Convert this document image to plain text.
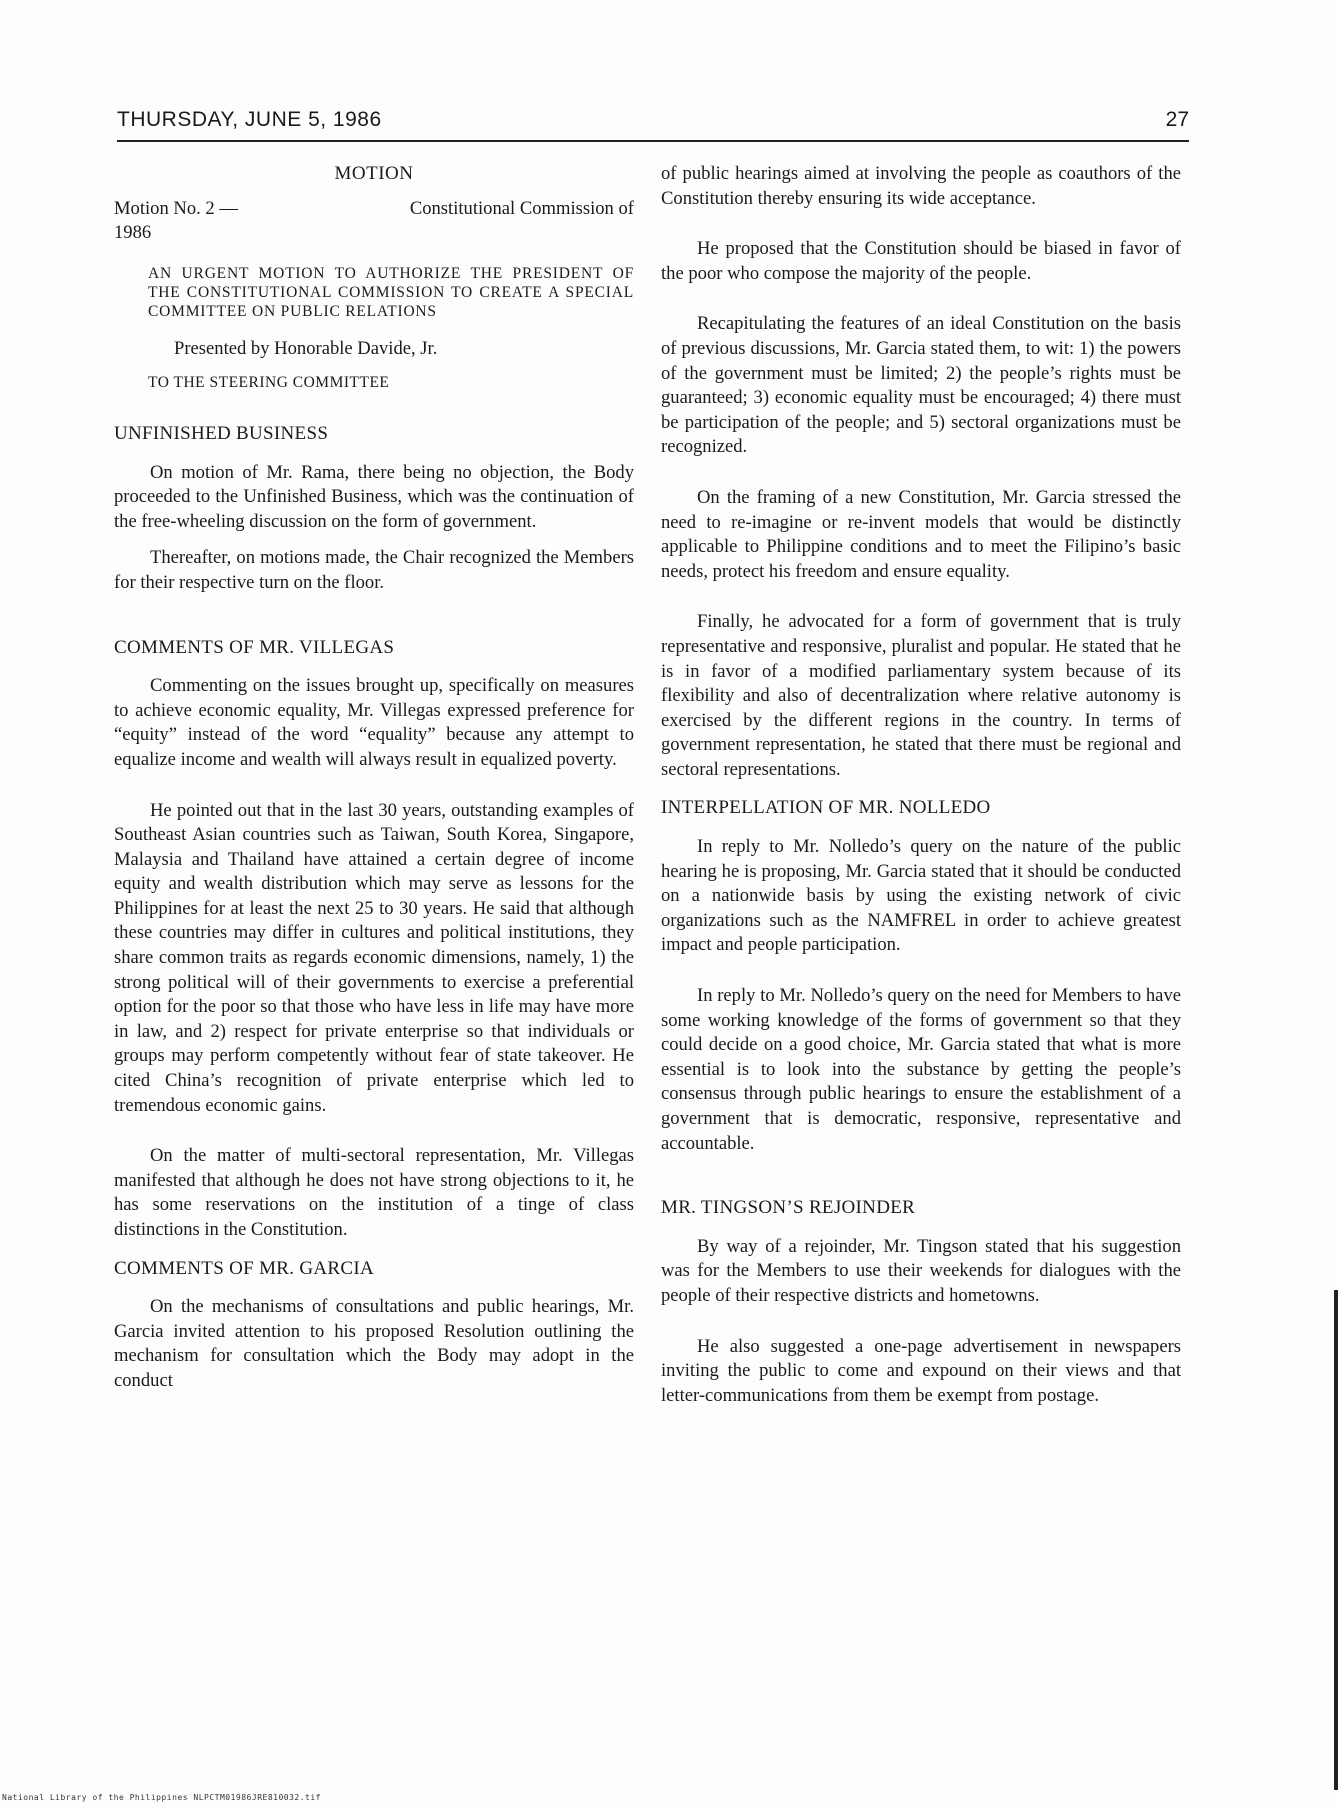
THURSDAY, JUNE 5, 1986	27
MOTION
Motion No. 2 —	Constitutional Commission of
1986
AN URGENT MOTION TO AUTHORIZE THE PRESIDENT OF THE CONSTITUTIONAL COMMISSION TO CREATE A SPECIAL COMMITTEE ON PUBLIC RELATIONS
Presented by Honorable Davide, Jr.
TO THE STEERING COMMITTEE
UNFINISHED BUSINESS

On motion of Mr. Rama, there being no objection, the Body proceeded to the Unfinished Business, which was the continuation of the free-wheeling discussion on the form of government.

Thereafter, on motions made, the Chair recognized the Members for their respective turn on the floor.

COMMENTS OF MR. VILLEGAS

Commenting on the issues brought up, specifically on measures to achieve economic equality, Mr. Villegas expressed preference for “equity” instead of the word “equality” because any attempt to equalize income and wealth will always result in equalized poverty.

He pointed out that in the last 30 years, outstanding examples of Southeast Asian countries such as Taiwan, South Korea, Singapore, Malaysia and Thailand have attained a certain degree of income equity and wealth distribution which may serve as lessons for the Philippines for at least the next 25 to 30 years. He said that although these countries may differ in cultures and political institutions, they share common traits as regards economic dimensions, namely, 1) the strong political will of their governments to exercise a preferential option for the poor so that those who have less in life may have more in law, and 2) respect for private enterprise so that individuals or groups may perform competently without fear of state takeover. He cited China’s recognition of private enterprise which led to tremendous economic gains.

On the matter of multi-sectoral representation, Mr. Villegas manifested that although he does not have strong objections to it, he has some reservations on the institution of a tinge of class distinctions in the Constitution.

COMMENTS OF MR. GARCIA

On the mechanisms of consultations and public hearings, Mr. Garcia invited attention to his proposed Resolution outlining the mechanism for consultation which the Body may adopt in the conduct

of public hearings aimed at involving the people as coauthors of the Constitution thereby ensuring its wide acceptance.

He proposed that the Constitution should be biased in favor of the poor who compose the majority of the people.

Recapitulating the features of an ideal Constitution on the basis of previous discussions, Mr. Garcia stated them, to wit: 1) the powers of the government must be limited; 2) the people’s rights must be guaranteed; 3) economic equality must be encouraged; 4) there must be participation of the people; and 5) sectoral organizations must be recognized.

On the framing of a new Constitution, Mr. Garcia stressed the need to re-imagine or re-invent models that would be distinctly applicable to Philippine conditions and to meet the Filipino’s basic needs, protect his freedom and ensure equality.

Finally, he advocated for a form of government that is truly representative and responsive, pluralist and popular. He stated that he is in favor of a modified parliamentary system because of its flexibility and also of decentralization where relative autonomy is exercised by the different regions in the country. In terms of government representation, he stated that there must be regional and sectoral representations.

INTERPELLATION OF MR. NOLLEDO

In reply to Mr. Nolledo’s query on the nature of the public hearing he is proposing, Mr. Garcia stated that it should be conducted on a nationwide basis by using the existing network of civic organizations such as the NAMFREL in order to achieve greatest impact and people participation.

In reply to Mr. Nolledo’s query on the need for Members to have some working knowledge of the forms of government so that they could decide on a good choice, Mr. Garcia stated that what is more essential is to look into the substance by getting the people’s consensus through public hearings to ensure the establishment of a government that is democratic, responsive, representative and accountable.

MR. TINGSON’S REJOINDER

By way of a rejoinder, Mr. Tingson stated that his suggestion was for the Members to use their weekends for dialogues with the people of their respective districts and hometowns.

He also suggested a one-page advertisement in newspapers inviting the public to come and expound on their views and that letter-communications from them be exempt from postage.

National Library of the Philippines NLPCTM01986JRE810032.tif
